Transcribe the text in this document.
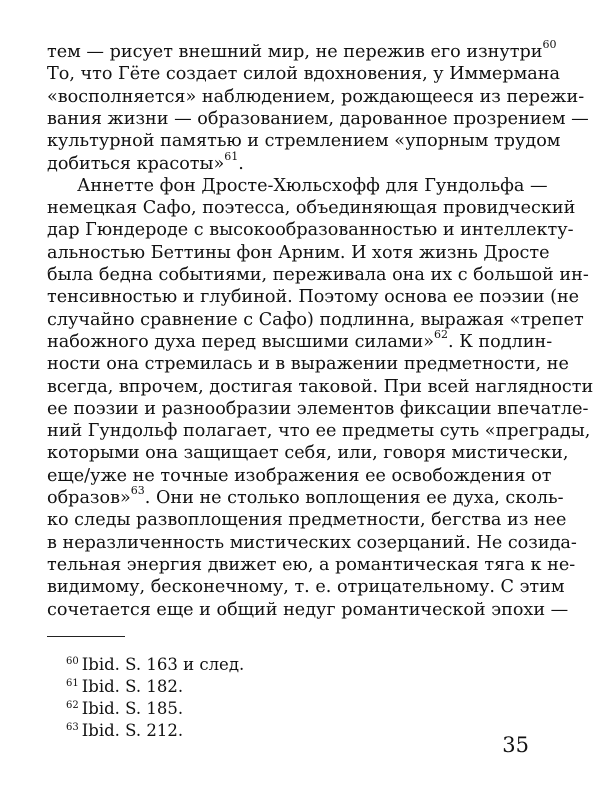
тем — рисует внешний мир, не пережив его изнутри$^{60}$
То, что Гёте создает силой вдохновения, у Иммермана
«восполняется» наблюдением, рождающееся из пережи-
вания жизни — образованием, дарованное прозрением —
культурной памятью и стремлением «упорным трудом
добиться красоты»$^{61}$.
Аннетте фон Дросте-Хюльсхофф для Гундольфа —
немецкая Сафо, поэтесса, объединяющая провидческий
дар Гюндероде с высокообразованностью и интеллекту-
альностью Беттины фон Арним. И хотя жизнь Дросте
была бедна событиями, переживала она их с большой ин-
тенсивностью и глубиной. Поэтому основа ее поэзии (не
случайно сравнение с Сафо) подлинна, выражая «трепет
набожного духа перед высшими силами»$^{62}$. К подлин-
ности она стремилась и в выражении предметности, не
всегда, впрочем, достигая таковой. При всей наглядности
ее поэзии и разнообразии элементов фиксации впечатле-
ний Гундольф полагает, что ее предметы суть «преграды,
которыми она защищает себя, или, говоря мистически,
еще/уже не точные изображения ее освобождения от
образов»$^{63}$. Они не столько воплощения ее духа, сколь-
ко следы развоплощения предметности, бегства из нее
в неразличенность мистических созерцаний. Не созида-
тельная энергия движет ею, а романтическая тяга к не-
видимому, бесконечному, т. е. отрицательному. С этим
сочетается еще и общий недуг романтической эпохи —
$^{60}$ Ibid. S. 163 и след.
$^{61}$ Ibid. S. 182.
$^{62}$ Ibid. S. 185.
$^{63}$ Ibid. S. 212.
35
